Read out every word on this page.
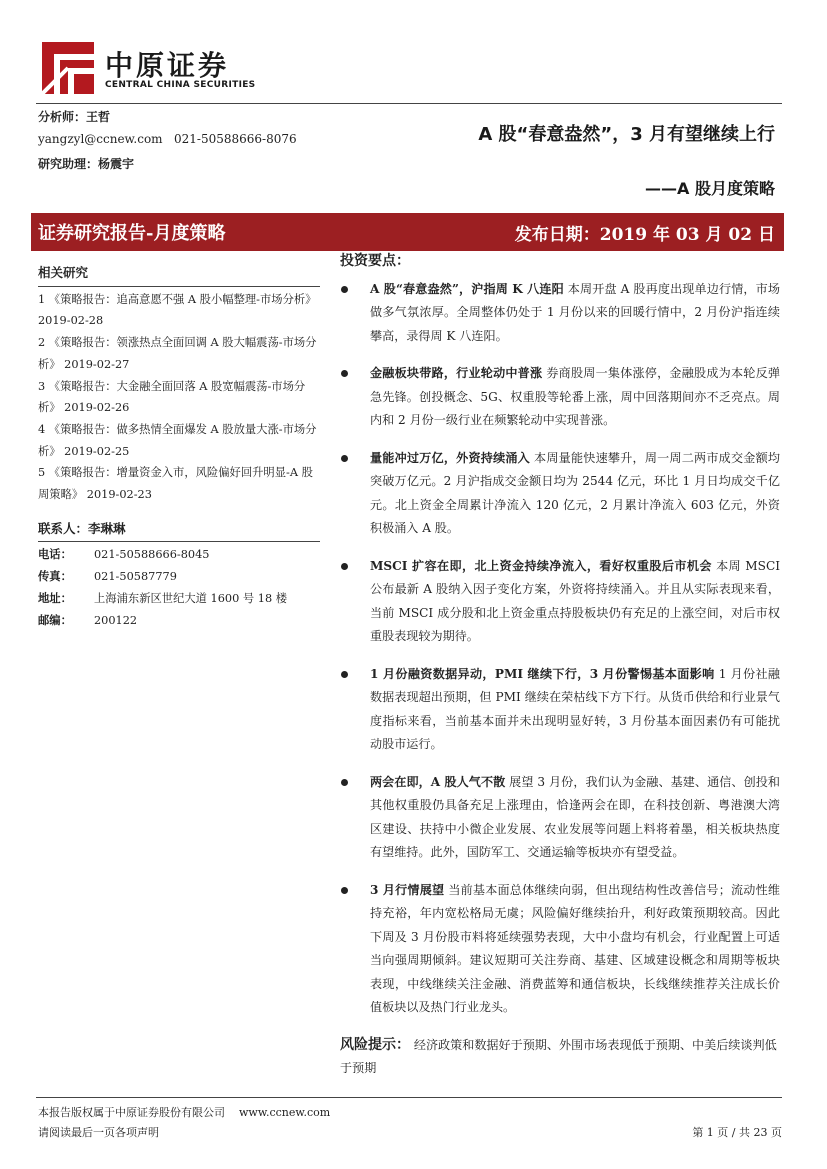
中原证券
CENTRAL CHINA SECURITIES
分析师：王哲
yangzyl@ccnew.com 021-50588666-8076
研究助理：杨震宇
A 股“春意盎然”，3 月有望继续上行
——A 股月度策略
证券研究报告-月度策略	发布日期：2019 年 03 月 02 日
相关研究
1 《策略报告：追高意愿不强 A 股小幅整理-市场分析》 2019-02-28
2 《策略报告：领涨热点全面回调 A 股大幅震荡-市场分析》 2019-02-27
3 《策略报告：大金融全面回落 A 股宽幅震荡-市场分析》 2019-02-26
4 《策略报告：做多热情全面爆发 A 股放量大涨-市场分析》 2019-02-25
5 《策略报告：增量资金入市，风险偏好回升明显-A 股周策略》 2019-02-23
联系人：李琳琳
电话：	021-50588666-8045
传真：	021-50587779
地址：	上海浦东新区世纪大道 1600 号 18 楼
邮编：	200122
投资要点：
A 股“春意盎然”，沪指周 K 八连阳 本周开盘 A 股再度出现单边行情，市场做多气氛浓厚。全周整体仍处于 1 月份以来的回暖行情中，2 月份沪指连续攀高，录得周 K 八连阳。
金融板块带路，行业轮动中普涨 券商股周一集体涨停，金融股成为本轮反弹急先锋。创投概念、5G、权重股等轮番上涨，周中回落期间亦不乏亮点。周内和 2 月份一级行业在频繁轮动中实现普涨。
量能冲过万亿，外资持续涌入 本周量能快速攀升，周一周二两市成交金额均突破万亿元。2 月沪指成交金额日均为 2544 亿元，环比 1 月日均成交千亿元。北上资金全周累计净流入 120 亿元，2 月累计净流入 603 亿元，外资积极涌入 A 股。
MSCI 扩容在即，北上资金持续净流入，看好权重股后市机会 本周 MSCI 公布最新 A 股纳入因子变化方案，外资将持续涌入。并且从实际表现来看，当前 MSCI 成分股和北上资金重点持股板块仍有充足的上涨空间，对后市权重股表现较为期待。
1 月份融资数据异动，PMI 继续下行，3 月份警惕基本面影响 1 月份社融数据表现超出预期，但 PMI 继续在荣枯线下方下行。从货币供给和行业景气度指标来看，当前基本面并未出现明显好转，3 月份基本面因素仍有可能扰动股市运行。
两会在即，A 股人气不散 展望 3 月份，我们认为金融、基建、通信、创投和其他权重股仍具备充足上涨理由，恰逢两会在即，在科技创新、粤港澳大湾区建设、扶持中小微企业发展、农业发展等问题上料将着墨，相关板块热度有望维持。此外，国防军工、交通运输等板块亦有望受益。
3 月行情展望 当前基本面总体继续向弱，但出现结构性改善信号；流动性维持充裕，年内宽松格局无虞；风险偏好继续抬升，利好政策预期较高。因此下周及 3 月份股市料将延续强势表现，大中小盘均有机会，行业配置上可适当向强周期倾斜。建议短期可关注券商、基建、区域建设概念和周期等板块表现，中线继续关注金融、消费蓝筹和通信板块，长线继续推荐关注成长价值板块以及热门行业龙头。
风险提示： 经济政策和数据好于预期、外围市场表现低于预期、中美后续谈判低于预期
本报告版权属于中原证券股份有限公司 www.ccnew.com
请阅读最后一页各项声明	第 1 页 / 共 23 页
